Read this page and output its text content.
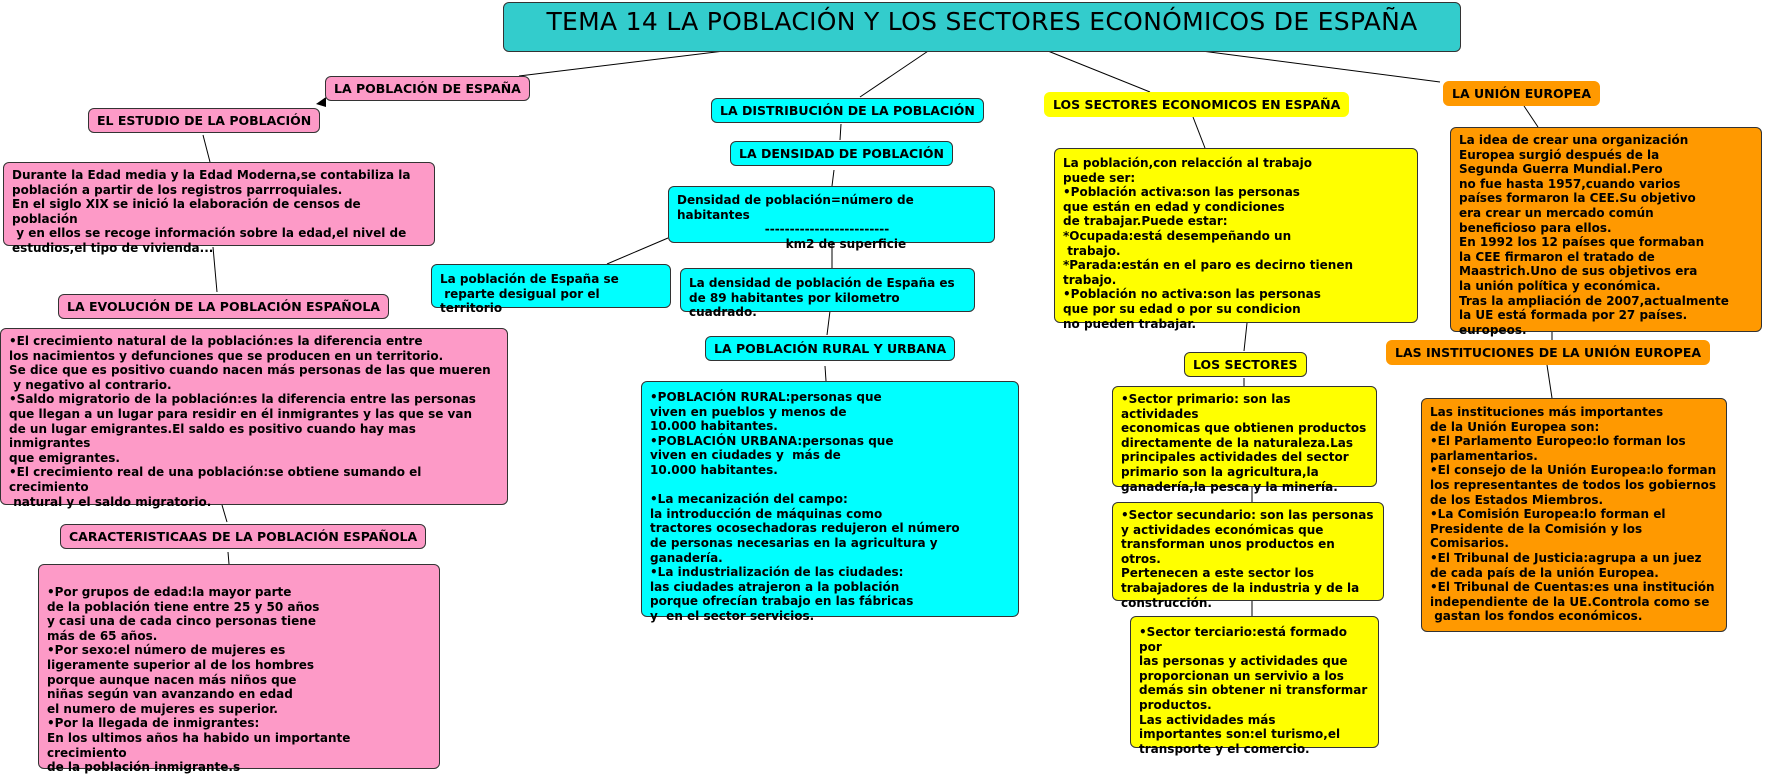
TEMA 14 LA POBLACIÓN Y LOS SECTORES ECONÓMICOS DE ESPAÑA
LA POBLACIÓN DE ESPAÑA
EL ESTUDIO DE LA POBLACIÓN
Durante la Edad media y la Edad Moderna,se contabiliza la
población a partir de los registros parrroquiales.
En el siglo XIX se inició la elaboración de censos de población
y en ellos se recoge información sobre la edad,el nivel de
estudios,el tipo de vivienda...
LA EVOLUCIÓN DE LA POBLACIÓN ESPAÑOLA
•El crecimiento natural de la población:es la diferencia entre
los nacimientos y defunciones que se producen en un territorio.
Se dice que es positivo cuando nacen más personas de las que mueren
y negativo al contrario.
•Saldo migratorio de la población:es la diferencia entre las personas
que llegan a un lugar para residir en él inmigrantes y las que se van
de un lugar emigrantes.El saldo es positivo cuando hay mas inmigrantes
que emigrantes.
•El crecimiento real de una población:se obtiene sumando el crecimiento
natural y el saldo migratorio.
CARACTERISTICAAS DE LA POBLACIÓN ESPAÑOLA
•Por grupos de edad:la mayor parte
de la población tiene entre 25 y 50 años
y casi una de cada cinco personas tiene
más de 65 años.
•Por sexo:el número de mujeres es
ligeramente superior al de los hombres
porque aunque nacen más niños que
niñas según van avanzando en edad
el numero de mujeres es superior.
•Por la llegada de inmigrantes:
En los ultimos años ha habido un importante crecimiento
de la población inmigrante.s
LA DISTRIBUCIÓN DE LA POBLACIÓN
LA DENSIDAD DE POBLACIÓN
Densidad de población=número de habitantes
-------------------------
km2 de superficie
La población de España se
reparte desigual por el territorio
La densidad de población de España es
de 89 habitantes por kilometro cuadrado.
LA POBLACIÓN RURAL Y URBANA
•POBLACIÓN RURAL:personas que
viven en pueblos y menos de
10.000 habitantes.
•POBLACIÓN URBANA:personas que
viven en ciudades y  más de
10.000 habitantes.

•La mecanización del campo:
la introducción de máquinas como
tractores ocosechadoras redujeron el número
de personas necesarias en la agricultura y ganadería.
•La industrialización de las ciudades:
las ciudades atrajeron a la población
porque ofrecían trabajo en las fábricas
y  en el sector servicios.
LOS SECTORES ECONOMICOS EN ESPAÑA
La población,con relacción al trabajo
puede ser:
•Población activa:son las personas
que están en edad y condiciones
de trabajar.Puede estar:
*Ocupada:está desempeñando un
trabajo.
*Parada:están en el paro es decirno tienen trabajo.
•Población no activa:son las personas
que por su edad o por su condicion
no pueden trabajar.
LOS SECTORES
•Sector primario: son las actividades
economicas que obtienen productos
directamente de la naturaleza.Las
principales actividades del sector
primario son la agricultura,la
ganadería,la pesca y la minería.
•Sector secundario: son las personas
y actividades económicas que
transforman unos productos en otros.
Pertenecen a este sector los
trabajadores de la industria y de la
construcción.
•Sector terciario:está formado por
las personas y actividades que
proporcionan un servivio a los
demás sin obtener ni transformar
productos.
Las actividades más
importantes son:el turismo,el
transporte y el comercio.
LA UNIÓN EUROPEA
La idea de crear una organización
Europea surgió después de la
Segunda Guerra Mundial.Pero
no fue hasta 1957,cuando varios
países formaron la CEE.Su objetivo
era crear un mercado común
beneficioso para ellos.
En 1992 los 12 países que formaban
la CEE firmaron el tratado de
Maastrich.Uno de sus objetivos era
la unión política y económica.
Tras la ampliación de 2007,actualmente
la UE está formada por 27 países. europeos.
LAS INSTITUCIONES DE LA UNIÓN EUROPEA
Las instituciones más importantes
de la Unión Europea son:
•El Parlamento Europeo:lo forman los
parlamentarios.
•El consejo de la Unión Europea:lo forman
los representantes de todos los gobiernos
de los Estados Miembros.
•La Comisión Europea:lo forman el
Presidente de la Comisión y los
Comisarios.
•El Tribunal de Justicia:agrupa a un juez
de cada país de la unión Europea.
•El Tribunal de Cuentas:es una institución
independiente de la UE.Controla como se
gastan los fondos económicos.
